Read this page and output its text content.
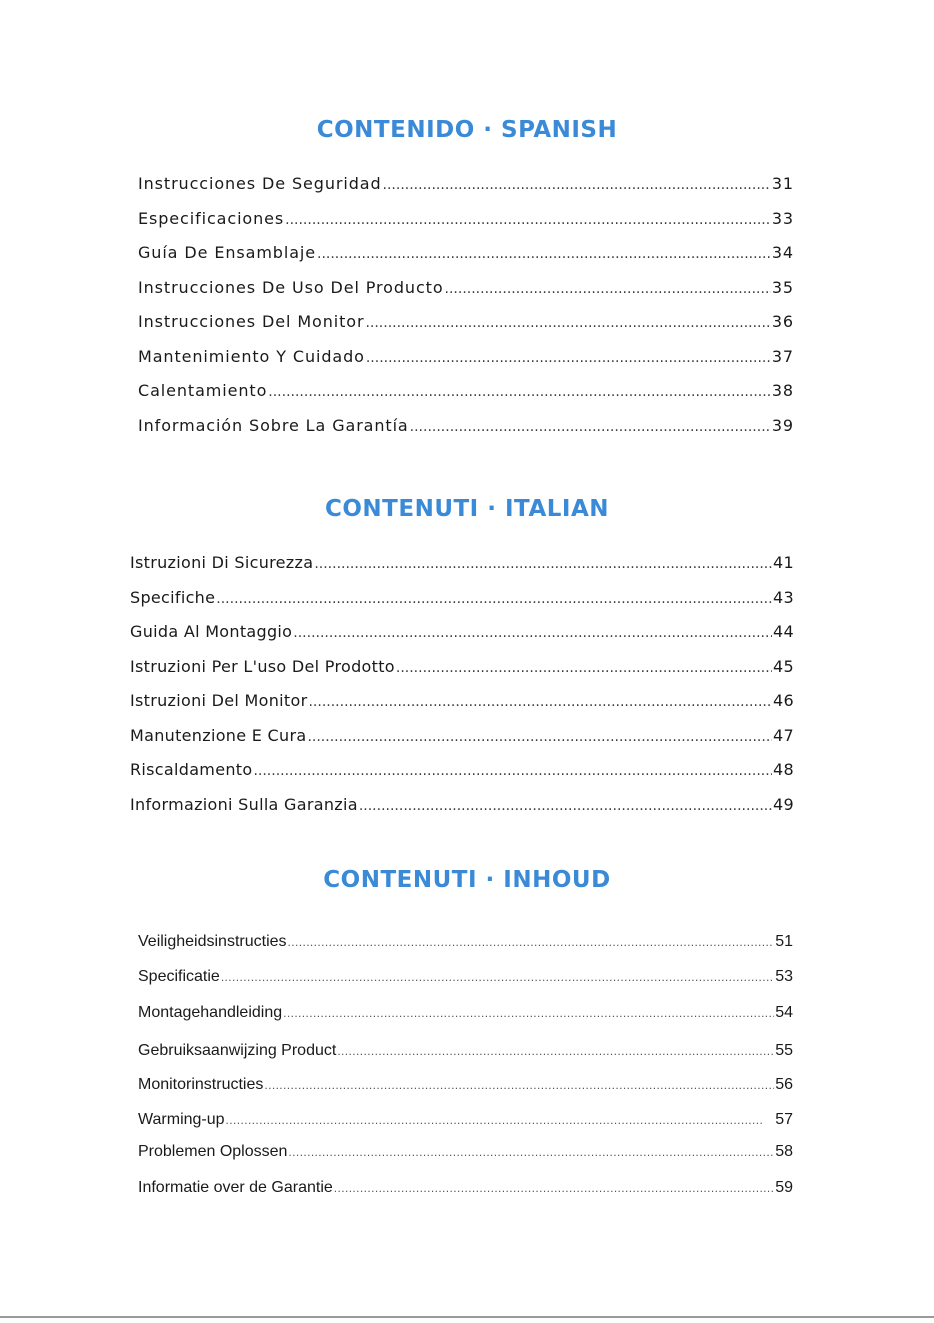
CONTENIDO · SPANISH
Instrucciones De Seguridad .....	31
Especificaciones .....	33
Guía De Ensamblaje .....	34
Instrucciones De Uso Del Producto .....	35
Instrucciones Del Monitor .....	36
Mantenimiento Y Cuidado .....	37
Calentamiento .....	38
Información Sobre La Garantía .....	39
CONTENUTI · ITALIAN
Istruzioni Di Sicurezza .....	41
Specifiche .....	43
Guida Al Montaggio .....	44
Istruzioni Per L'uso Del Prodotto .....	45
Istruzioni Del Monitor .....	46
Manutenzione E Cura .....	47
Riscaldamento .....	48
Informazioni Sulla Garanzia .....	49
CONTENUTI · INHOUD
Veiligheidsinstructies .....	51
Specificatie .....	53
Montagehandleiding .....	54
Gebruiksaanwijzing Product .....	55
Monitorinstructies .....	56
Warming-up .....	57
Problemen Oplossen .....	58
Informatie over de Garantie .....	59
